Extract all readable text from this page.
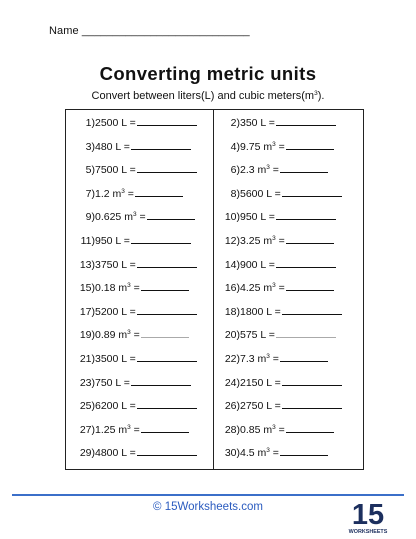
Name ___________________________
Converting metric units
Convert between liters(L) and cubic $meters(m^3)$.
1)2500 L =
3)480 L =
5)7500 L =
7)1.2 $m^3$ =
9)0.625 $m^3$ =
11)950 L =
13)3750 L =
15)0.18 $m^3$ =
17)5200 L =
19)0.89 $m^3$ =
21)3500 L =
23)750 L =
25)6200 L =
27)1.25 $m^3$ =
29)4800 L =
2)350 L =
4)9.75 $m^3$ =
6)2.3 $m^3$ =
8)5600 L =
10)950 L =
12)3.25 $m^3$ =
14)900 L =
16)4.25 $m^3$ =
18)1800 L =
20)575 L =
22)7.3 $m^3$ =
24)2150 L =
26)2750 L =
28)0.85 $m^3$ =
30)4.5 $m^3$ =
© 15Worksheets.com	15
WORKSHEETS
